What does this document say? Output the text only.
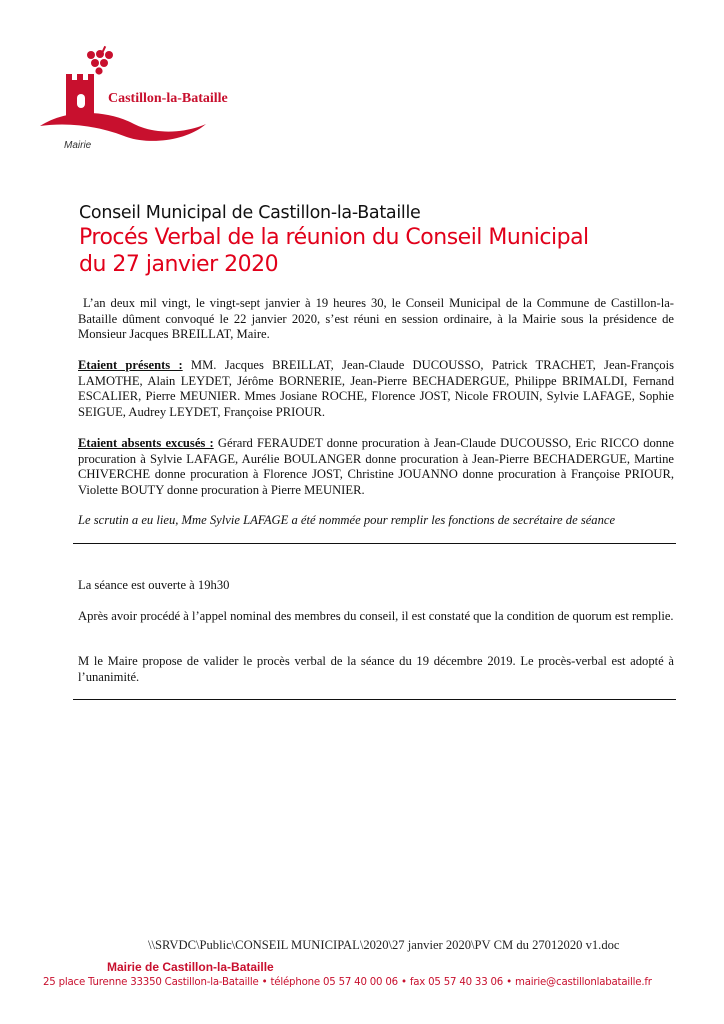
Castillon-la-Bataille
Mairie
Conseil Municipal de Castillon-la-Bataille
Procés Verbal de la réunion du Conseil Municipal
du 27 janvier 2020
L’an deux mil vingt, le vingt-sept janvier à 19 heures 30, le Conseil Municipal de la Commune de Castillon-la-Bataille dûment convoqué le 22 janvier 2020, s’est réuni en session ordinaire, à la Mairie sous la présidence de Monsieur Jacques BREILLAT, Maire.
Etaient présents : MM. Jacques BREILLAT, Jean-Claude DUCOUSSO, Patrick TRACHET, Jean-François LAMOTHE, Alain LEYDET, Jérôme BORNERIE, Jean-Pierre BECHADERGUE, Philippe BRIMALDI, Fernand ESCALIER, Pierre MEUNIER. Mmes Josiane ROCHE, Florence JOST, Nicole FROUIN, Sylvie LAFAGE, Sophie SEIGUE, Audrey LEYDET, Françoise PRIOUR.
Etaient absents excusés : Gérard FERAUDET donne procuration à Jean-Claude DUCOUSSO, Eric RICCO donne procuration à Sylvie LAFAGE, Aurélie BOULANGER donne procuration à Jean-Pierre BECHADERGUE, Martine CHIVERCHE donne procuration à Florence JOST, Christine JOUANNO donne procuration à Françoise PRIOUR, Violette BOUTY donne procuration à Pierre MEUNIER.
Le scrutin a eu lieu, Mme Sylvie LAFAGE a été nommée pour remplir les fonctions de secrétaire de séance
La séance est ouverte à 19h30
Après avoir procédé à l’appel nominal des membres du conseil, il est constaté que la condition de quorum est remplie.
M le Maire propose de valider le procès verbal de la séance du 19 décembre 2019. Le procès-verbal est adopté à l’unanimité.
\\SRVDC\Public\CONSEIL MUNICIPAL\2020\27 janvier 2020\PV CM du 27012020 v1.doc
Mairie de Castillon-la-Bataille
25 place Turenne 33350 Castillon-la-Bataille • téléphone 05 57 40 00 06 • fax 05 57 40 33 06 • mairie@castillonlabataille.fr
